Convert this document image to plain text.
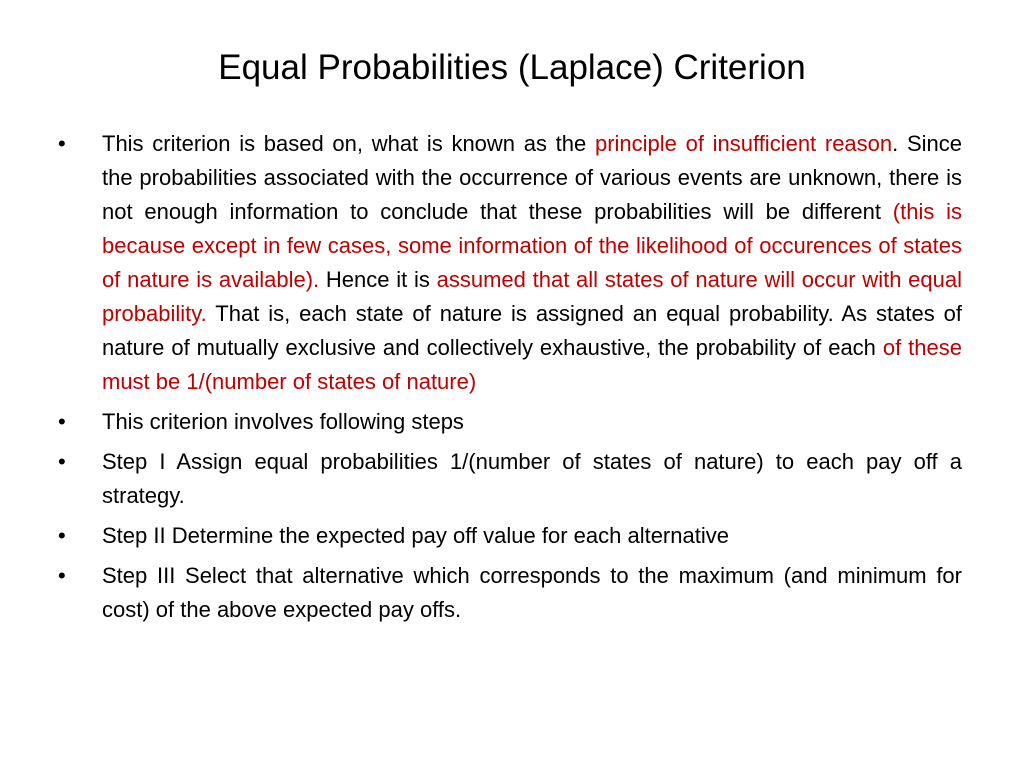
Equal Probabilities (Laplace) Criterion
•	This criterion is based on, what is known as the principle of insufficient reason. Since the probabilities associated with the occurrence of various events are unknown, there is not enough information to conclude that these probabilities will be different (this is because except in few cases, some information of the likelihood of occurences of states of nature is available). Hence it is assumed that all states of nature will occur with equal probability. That is, each state of nature is assigned an equal probability. As states of nature of mutually exclusive and collectively exhaustive, the probability of each of these must be 1/(number of states of nature)
•	This criterion involves following steps
•	Step I Assign equal probabilities 1/(number of states of nature) to each pay off a strategy.
•	Step II Determine the expected pay off value for each alternative
•	Step III Select that alternative which corresponds to the maximum (and minimum for cost) of the above expected pay offs.
